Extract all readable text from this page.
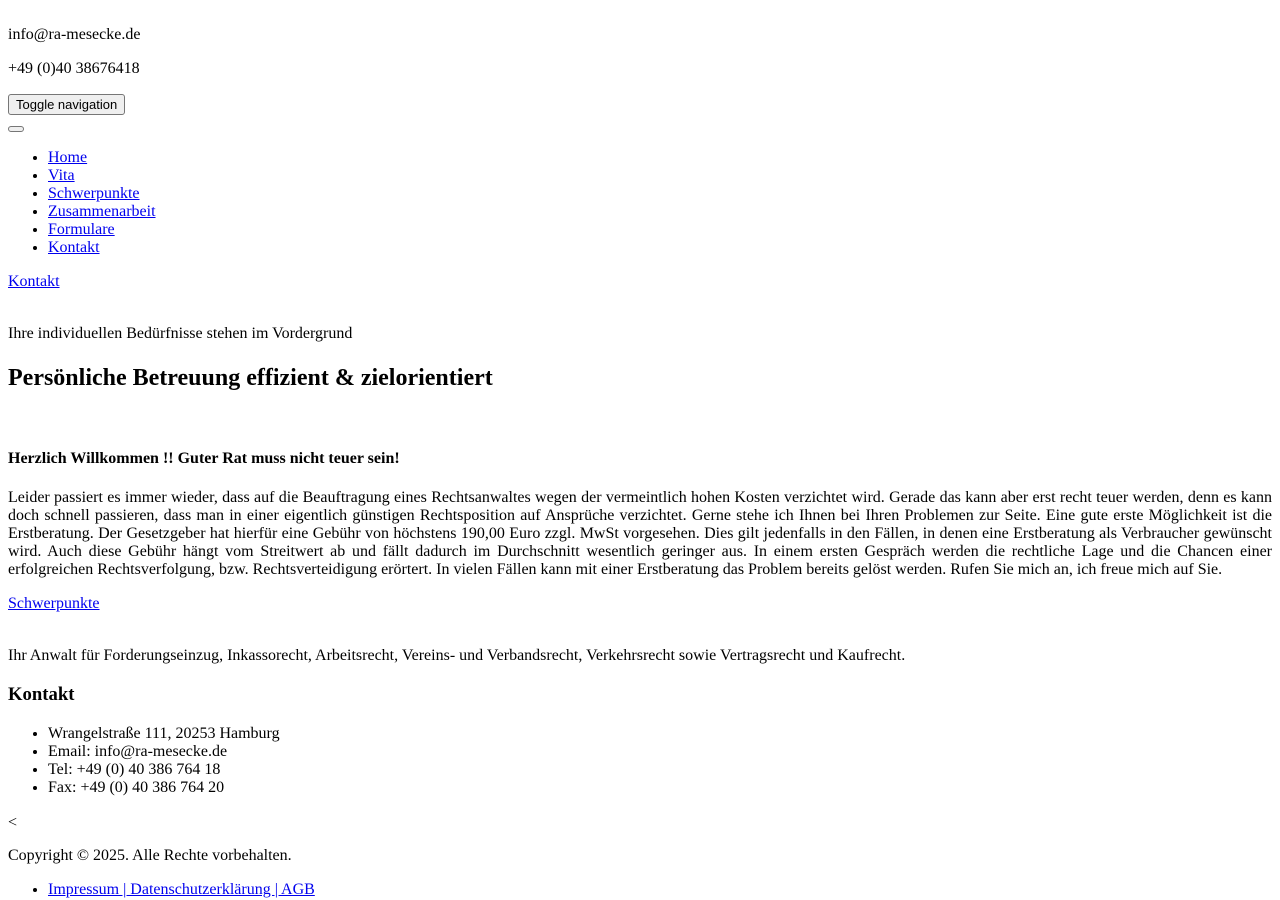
info@ra-mesecke.de

+49 (0)40 38676418

Toggle navigation
• Home
• Vita
• Schwerpunkte
• Zusammenarbeit
• Formulare
• Kontakt

Kontakt

Ihre individuellen Bedürfnisse stehen im Vordergrund

Persönliche Betreuung effizient & zielorientiert

Herzlich Willkommen !! Guter Rat muss nicht teuer sein!

Leider passiert es immer wieder, dass auf die Beauftragung eines Rechtsanwaltes wegen der vermeintlich hohen Kosten verzichtet wird. Gerade das kann aber erst recht teuer werden, denn es kann doch schnell passieren, dass man in einer eigentlich günstigen Rechtsposition auf Ansprüche verzichtet. Gerne stehe ich Ihnen bei Ihren Problemen zur Seite. Eine gute erste Möglichkeit ist die Erstberatung. Der Gesetzgeber hat hierfür eine Gebühr von höchstens 190,00 Euro zzgl. MwSt vorgesehen. Dies gilt jedenfalls in den Fällen, in denen eine Erstberatung als Verbraucher gewünscht wird. Auch diese Gebühr hängt vom Streitwert ab und fällt dadurch im Durchschnitt wesentlich geringer aus. In einem ersten Gespräch werden die rechtliche Lage und die Chancen einer erfolgreichen Rechtsverfolgung, bzw. Rechtsverteidigung erörtert. In vielen Fällen kann mit einer Erstberatung das Problem bereits gelöst werden. Rufen Sie mich an, ich freue mich auf Sie.

Schwerpunkte

Ihr Anwalt für Forderungseinzug, Inkassorecht, Arbeitsrecht, Vereins- und Verbandsrecht, Verkehrsrecht sowie Vertragsrecht und Kaufrecht.

Kontakt
• Wrangelstraße 111, 20253 Hamburg
• Email: info@ra-mesecke.de
• Tel: +49 (0) 40 386 764 18
• Fax: +49 (0) 40 386 764 20

<

Copyright © 2025. Alle Rechte vorbehalten.

• Impressum | Datenschutzerklärung | AGB
